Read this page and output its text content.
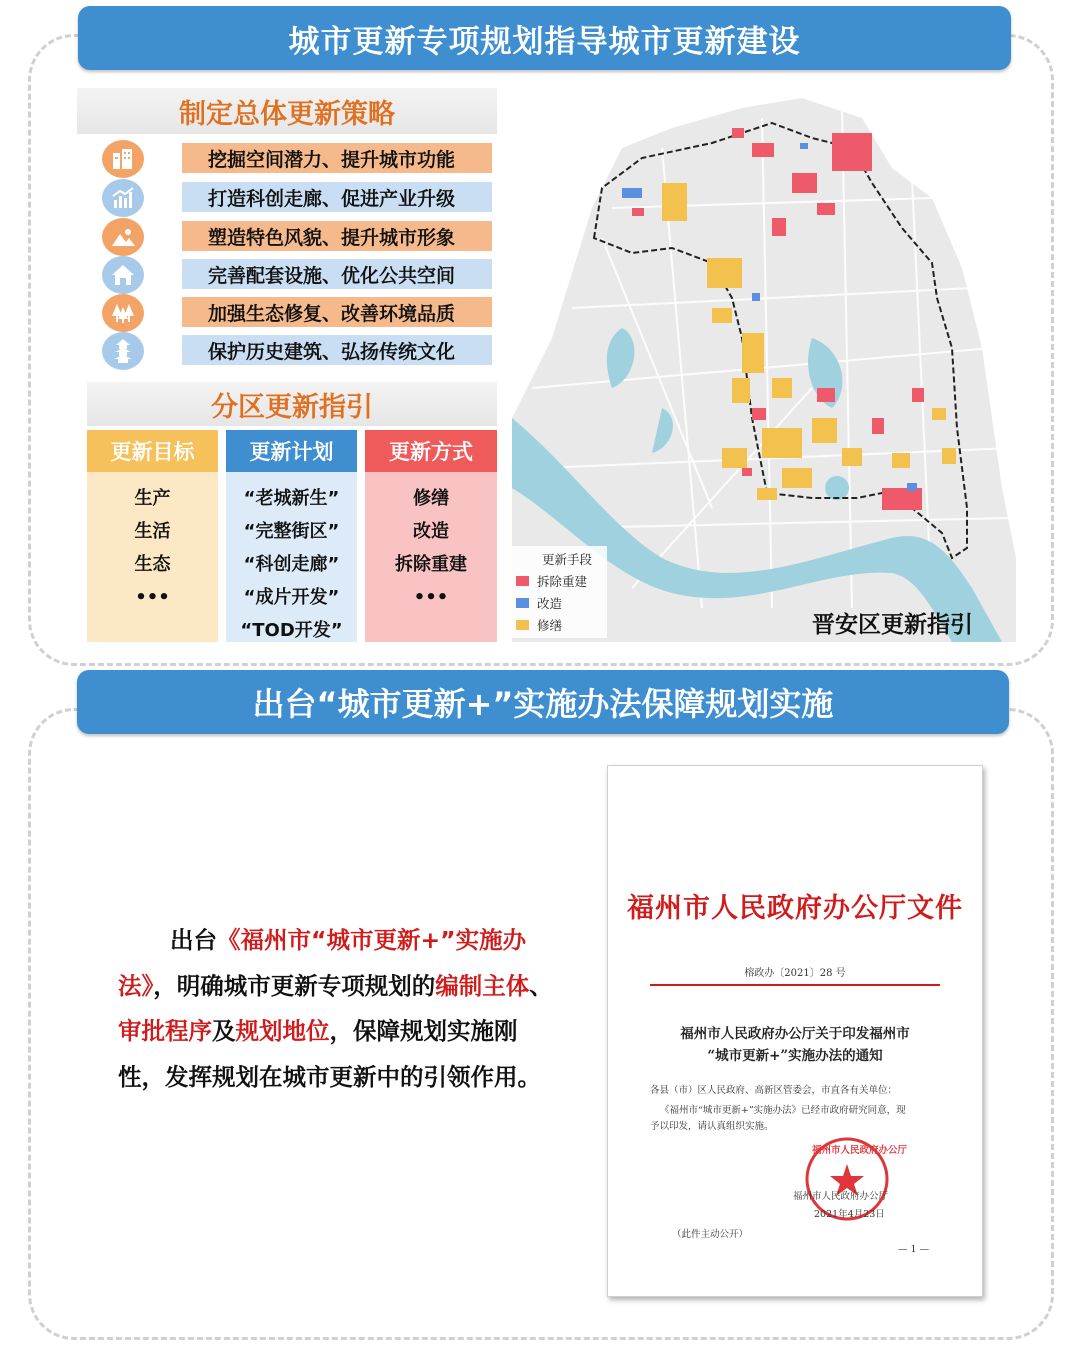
城市更新专项规划指导城市更新建设
制定总体更新策略
挖掘空间潜力、提升城市功能
打造科创走廊、促进产业升级
塑造特色风貌、提升城市形象
完善配套设施、优化公共空间
加强生态修复、改善环境品质
保护历史建筑、弘扬传统文化
分区更新指引
更新目标
生产
生活
生态
•••
更新计划
“老城新生”
“完整街区”
“科创走廊”
“成片开发”
“TOD开发”
更新方式
修缮
改造
拆除重建
•••
更新手段
拆除重建
改造
修缮	晋安区更新指引
出台“城市更新+”实施办法保障规划实施
出台《福州市“城市更新+”实施办法》，明确城市更新专项规划的编制主体、审批程序及规划地位，保障规划实施刚性，发挥规划在城市更新中的引领作用。
福州市人民政府办公厅文件
榕政办〔2021〕28 号
福州市人民政府办公厅关于印发福州市
“城市更新+”实施办法的通知
各县（市）区人民政府、高新区管委会，市直各有关单位：
《福州市“城市更新+”实施办法》已经市政府研究同意，现
予以印发，请认真组织实施。
福州市人民政府办公厅
福州市人民政府办公厅
2021年4月23日
（此件主动公开）
— 1 —
